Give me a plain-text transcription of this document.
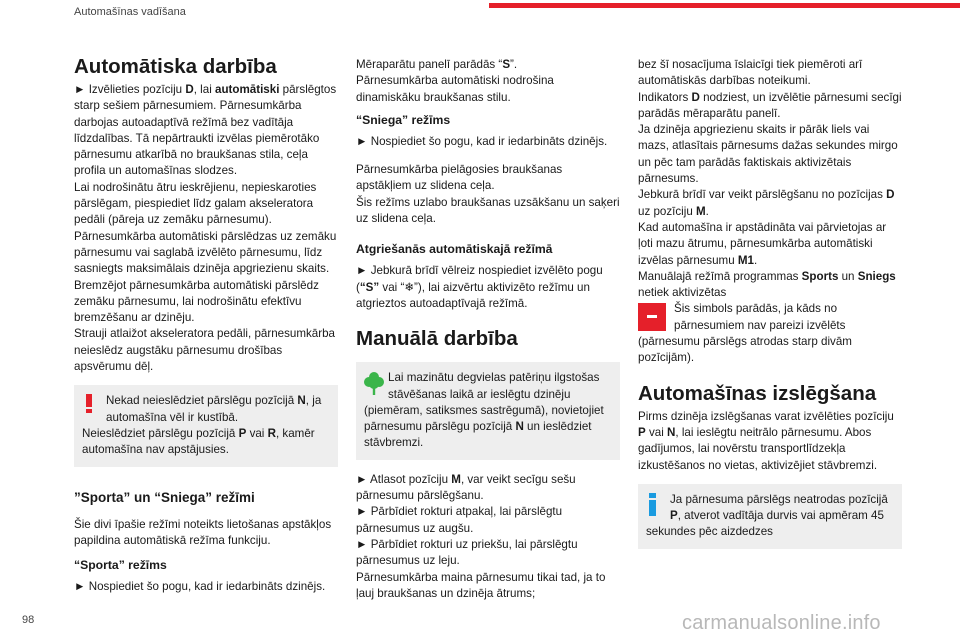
Automašīnas vadīšana
Automātiska darbība

► Izvēlieties pozīciju D, lai automātiski pārslēgtos starp sešiem pārnesumiem. Pārnesumkārba darbojas autoadaptīvā režīmā bez vadītāja līdzdalības. Tā nepārtraukti izvēlas piemērotāko pārnesumu atkarībā no braukšanas stila, ceļa profila un automašīnas slodzes.

Lai nodrošinātu ātru ieskrējienu, nepieskaroties pārslēgam, piespiediet līdz galam akseleratora pedāli (pāreja uz zemāku pārnesumu).

Pārnesumkārba automātiski pārslēdzas uz zemāku pārnesumu vai saglabā izvēlēto pārnesumu, līdz sasniegts maksimālais dzinēja apgriezienu skaits.

Bremzējot pārnesumkārba automātiski pārslēdz zemāku pārnesumu, lai nodrošinātu efektīvu bremzēšanu ar dzinēju.

Strauji atlaižot akseleratora pedāli, pārnesumkārba neieslēdz augstāku pārnesumu drošības apsvērumu dēļ.

Nekad neieslēdziet pārslēgu pozīcijā N, ja automašīna vēl ir kustībā.

Neieslēdziet pārslēgu pozīcijā P vai R, kamēr automašīna nav apstājusies.

”Sporta” un “Sniega” režīmi

Šie divi īpašie režīmi noteikts lietošanas apstākļos papildina automātiskā režīma funkciju.

“Sporta” režīms

► Nospiediet šo pogu, kad ir iedarbināts dzinējs.

Mēraparātu panelī parādās “S”.

Pārnesumkārba automātiski nodrošina dinamiskāku braukšanas stilu.

“Sniega” režīms

► Nospiediet šo pogu, kad ir iedarbināts dzinējs.

Pārnesumkārba pielāgosies braukšanas apstākļiem uz slidena ceļa.

Šis režīms uzlabo braukšanas uzsākšanu un saķeri uz slidena ceļa.

Atgriešanās automātiskajā režīmā

► Jebkurā brīdī vēlreiz nospiediet izvēlēto pogu (“S” vai “❄”), lai aizvērtu aktivizēto režīmu un atgrieztos autoadaptīvajā režīmā.

Manuālā darbība

Lai mazinātu degvielas patēriņu ilgstošas stāvēšanas laikā ar ieslēgtu dzinēju (piemēram, satiksmes sastrēgumā), novietojiet pārnesumu pārslēgu pozīcijā N un ieslēdziet stāvbremzi.

► Atlasot pozīciju M, var veikt secīgu sešu pārnesumu pārslēgšanu.

► Pārbīdiet rokturi atpakaļ, lai pārslēgtu pārnesumus uz augšu.

► Pārbīdiet rokturi uz priekšu, lai pārslēgtu pārnesumus uz leju.

Pārnesumkārba maina pārnesumu tikai tad, ja to ļauj braukšanas un dzinēja ātrums;

bez šī nosacījuma īslaicīgi tiek piemēroti arī automātiskās darbības noteikumi.

Indikators D nodziest, un izvēlētie pārnesumi secīgi parādās mēraparātu panelī.

Ja dzinēja apgriezienu skaits ir pārāk liels vai mazs, atlasītais pārnesums dažas sekundes mirgo un pēc tam parādās faktiskais aktivizētais pārnesums.

Jebkurā brīdī var veikt pārslēgšanu no pozīcijas D uz pozīciju M.

Kad automašīna ir apstādināta vai pārvietojas ar ļoti mazu ātrumu, pārnesumkārba automātiski izvēlas pārnesumu M1.

Manuālajā režīmā programmas Sports un Sniegs netiek aktivizētas

Šis simbols parādās, ja kāds no pārnesumiem nav pareizi izvēlēts (pārnesumu pārslēgs atrodas starp divām pozīcijām).

Automašīnas izslēgšana

Pirms dzinēja izslēgšanas varat izvēlēties pozīciju P vai N, lai ieslēgtu neitrālo pārnesumu. Abos gadījumos, lai novērstu transportlīdzekļa izkustēšanos no vietas, aktivizējiet stāvbremzi.

Ja pārnesuma pārslēgs neatrodas pozīcijā P, atverot vadītāja durvis vai apmēram 45 sekundes pēc aizdedzes

98	carmanualsonline.info
